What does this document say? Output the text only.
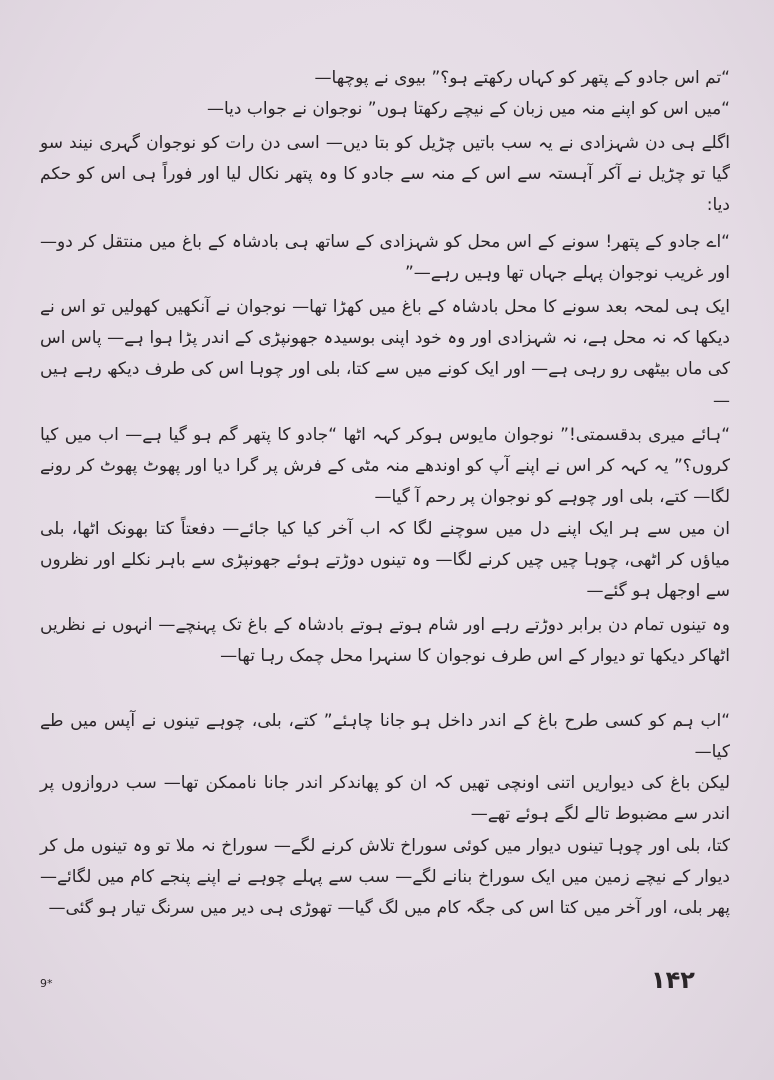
“تم اس جادو کے پتھر کو کہاں رکھتے ہو؟” بیوی نے پوچھا—

“میں اس کو اپنے منہ میں زبان کے نیچے رکھتا ہوں” نوجوان نے جواب دیا—

اگلے ہی دن شہزادی نے یہ سب باتیں چڑیل کو بتا دیں— اسی دن رات کو نوجوان گہری نیند سو گیا تو چڑیل نے آکر آہستہ سے اس کے منہ سے جادو کا وہ پتھر نکال لیا اور فوراً ہی اس کو حکم دیا:

“اے جادو کے پتھر! سونے کے اس محل کو شہزادی کے ساتھ ہی بادشاہ کے باغ میں منتقل کر دو— اور غریب نوجوان پہلے جہاں تھا وہیں رہے—”

ایک ہی لمحہ بعد سونے کا محل بادشاہ کے باغ میں کھڑا تھا— نوجوان نے آنکھیں کھولیں تو اس نے دیکھا کہ نہ محل ہے، نہ شہزادی اور وہ خود اپنی بوسیدہ جھونپڑی کے اندر پڑا ہوا ہے— پاس اس کی ماں بیٹھی رو رہی ہے— اور ایک کونے میں سے کتا، بلی اور چوہا اس کی طرف دیکھ رہے ہیں—

“ہائے میری بدقسمتی!” نوجوان مایوس ہوکر کہہ اٹھا “جادو کا پتھر گم ہو گیا ہے— اب میں کیا کروں؟” یہ کہہ کر اس نے اپنے آپ کو اوندھے منہ مٹی کے فرش پر گرا دیا اور پھوٹ پھوٹ کر رونے لگا— کتے، بلی اور چوہے کو نوجوان پر رحم آ گیا—

ان میں سے ہر ایک اپنے دل میں سوچنے لگا کہ اب آخر کیا کیا جائے— دفعتاً کتا بھونک اٹھا، بلی میاؤں کر اٹھی، چوہا چیں چیں کرنے لگا— وہ تینوں دوڑتے ہوئے جھونپڑی سے باہر نکلے اور نظروں سے اوجھل ہو گئے—

وہ تینوں تمام دن برابر دوڑتے رہے اور شام ہوتے ہوتے بادشاہ کے باغ تک پہنچے— انہوں نے نظریں اٹھاکر دیکھا تو دیوار کے اس طرف نوجوان کا سنہرا محل چمک رہا تھا—

“اب ہم کو کسی طرح باغ کے اندر داخل ہو جانا چاہئے” کتے، بلی، چوہے تینوں نے آپس میں طے کیا—

لیکن باغ کی دیواریں اتنی اونچی تھیں کہ ان کو پھاندکر اندر جانا ناممکن تھا— سب دروازوں پر اندر سے مضبوط تالے لگے ہوئے تھے—

کتا، بلی اور چوہا تینوں دیوار میں کوئی سوراخ تلاش کرنے لگے— سوراخ نہ ملا تو وہ تینوں مل کر دیوار کے نیچے زمین میں ایک سوراخ بنانے لگے— سب سے پہلے چوہے نے اپنے پنجے کام میں لگائے— پھر بلی، اور آخر میں کتا اس کی جگہ کام میں لگ گیا— تھوڑی ہی دیر میں سرنگ تیار ہو گئی—

۱۴۲
9*
